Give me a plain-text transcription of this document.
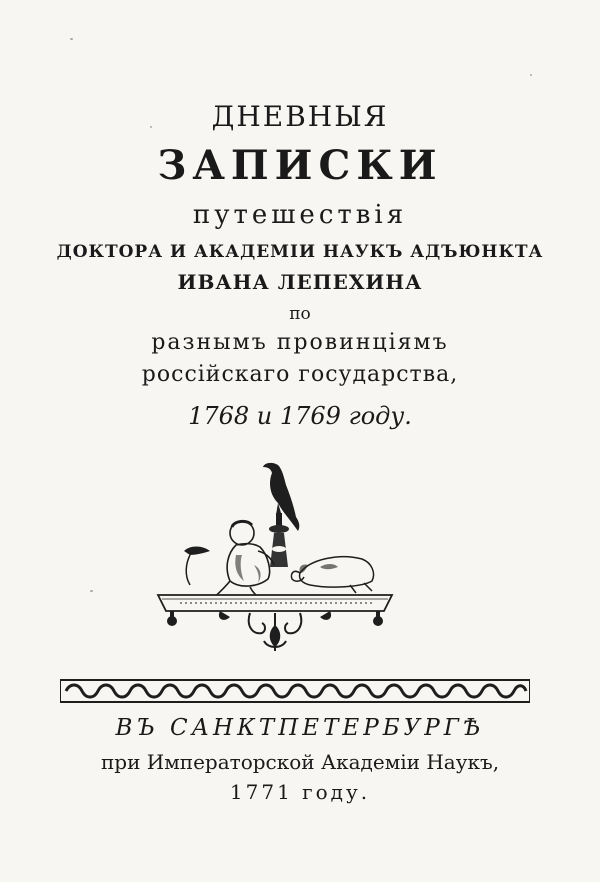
ДНЕВНЫЯ
ЗАПИСКИ
путешествія
ДОКТОРА И АКАДЕМІИ НАУКЪ АДЪЮНКТА
ИВАНА ЛЕПЕХИНА
по
разнымъ провинціямъ
россійскаго государства,
1768 и 1769 году.
ВЪ САНКТПЕТЕРБУРГѢ
при Императорской Академіи Наукъ,
1771 году.
